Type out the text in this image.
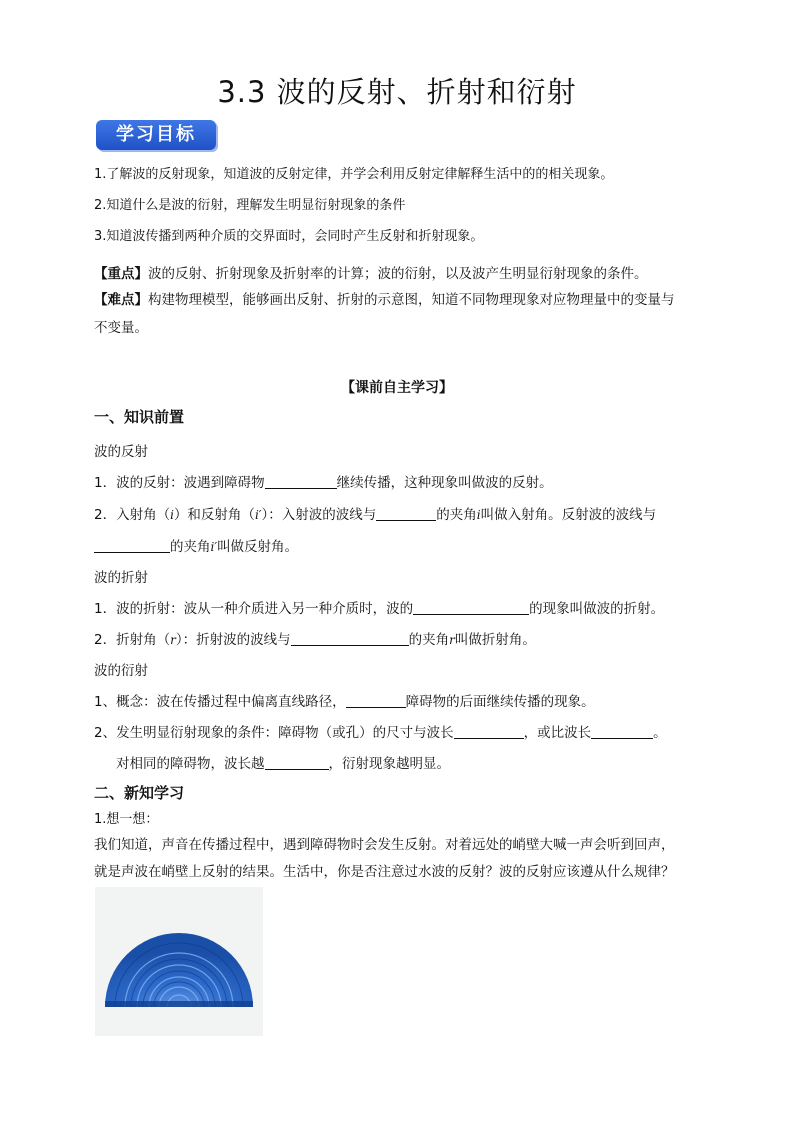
3.3 波的反射、折射和衍射
学习目标
1.了解波的反射现象，知道波的反射定律，并学会利用反射定律解释生活中的的相关现象。
2.知道什么是波的衍射，理解发生明显衍射现象的条件
3.知道波传播到两种介质的交界面时，会同时产生反射和折射现象。
【重点】波的反射、折射现象及折射率的计算；波的衍射，以及波产生明显衍射现象的条件。
【难点】构建物理模型，能够画出反射、折射的示意图，知道不同物理现象对应物理量中的变量与
不变量。
【课前自主学习】
一、知识前置
波的反射
1．波的反射：波遇到障碍物	继续传播，这种现象叫做波的反射。
2．入射角（i）和反射角（i′）：入射波的波线与	的夹角i叫做入射角。反射波的波线与
的夹角i′叫做反射角。
波的折射
1．波的折射：波从一种介质进入另一种介质时，波的	的现象叫做波的折射。
2．折射角（r）：折射波的波线与	的夹角r叫做折射角。
波的衍射
1、概念：波在传播过程中偏离直线路径，	障碍物的后面继续传播的现象。
2、发生明显衍射现象的条件：障碍物（或孔）的尺寸与波长	，或比波长	。
对相同的障碍物，波长越	，衍射现象越明显。
二、新知学习
1.想一想：
我们知道，声音在传播过程中，遇到障碍物时会发生反射。对着远处的峭壁大喊一声会听到回声，
就是声波在峭壁上反射的结果。生活中，你是否注意过水波的反射？波的反射应该遵从什么规律？
